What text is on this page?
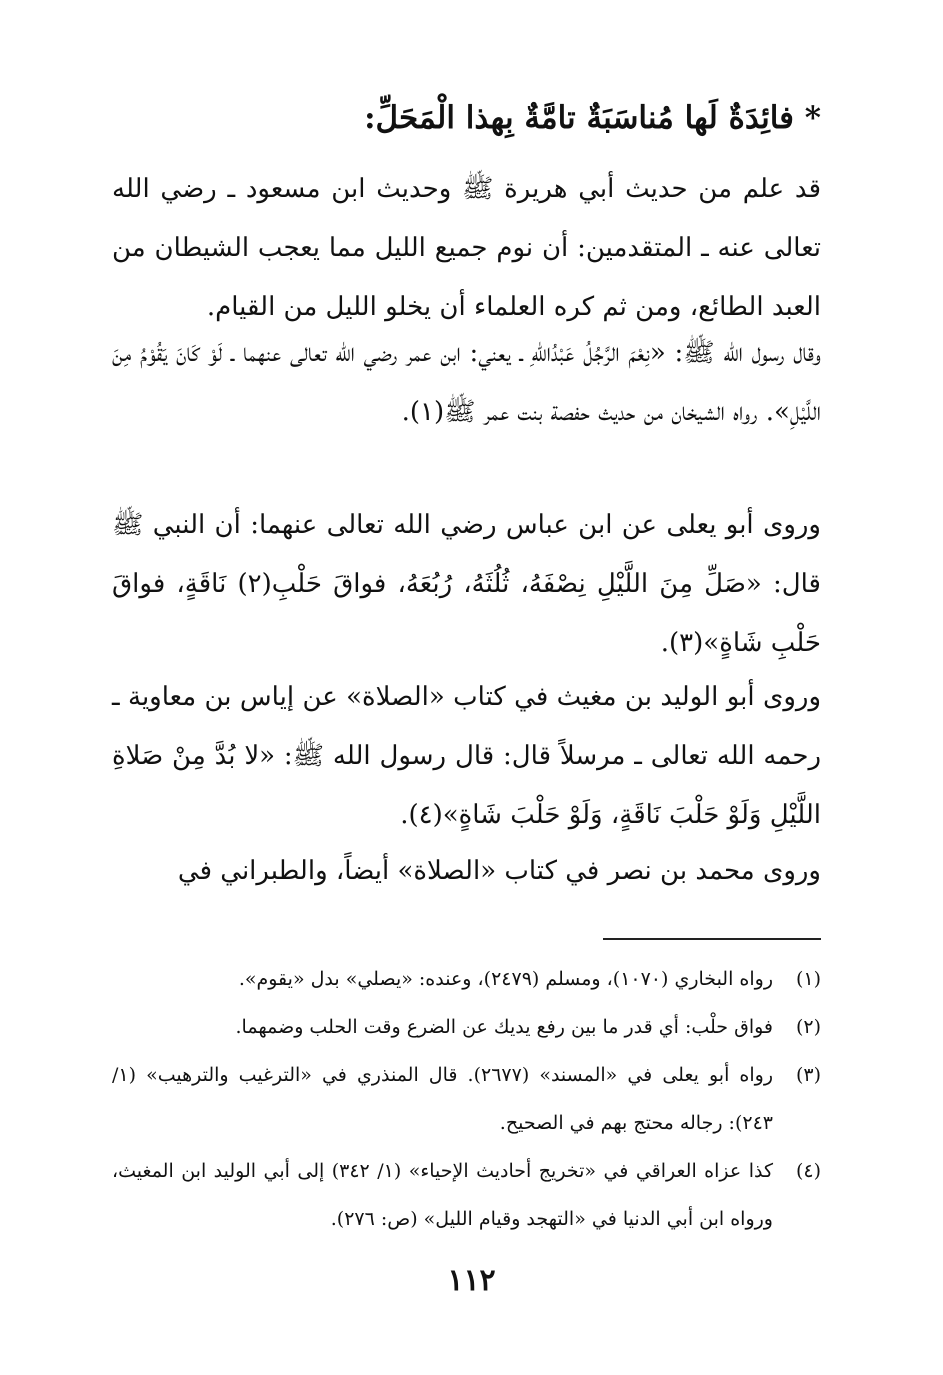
* فائِدَةٌ لَها مُناسَبَةٌ تامَّةٌ بِهذا الْمَحَلِّ:

قد علم من حديث أبي هريرة ﷺ وحديث ابن مسعود ـ رضي الله تعالى عنه ـ المتقدمين: أن نوم جميع الليل مما يعجب الشيطان من العبد الطائع، ومن ثم كره العلماء أن يخلو الليل من القيام.

وقال رسول الله ﷺ: «نِعْمَ الرَّجُلُ عَبْدُاللهِ ـ يعني: ابن عمر رضي الله تعالى عنهما ـ لَوْ كَانَ يَقُوْمُ مِنَ اللَّيْلِ». رواه الشيخان من حديث حفصة بنت عمر ﷺ(١).

وروى أبو يعلى عن ابن عباس رضي الله تعالى عنهما: أن النبي ﷺ قال: «صَلِّ مِنَ اللَّيْلِ نِصْفَهُ، ثُلُثَهُ، رُبُعَهُ، فواقَ حَلْبِ(٢) نَاقَةٍ، فواقَ حَلْبِ شَاةٍ»(٣).

وروى أبو الوليد بن مغيث في كتاب «الصلاة» عن إياس بن معاوية ـ رحمه الله تعالى ـ مرسلاً قال: قال رسول الله ﷺ: «لا بُدَّ مِنْ صَلاةِ اللَّيْلِ وَلَوْ حَلْبَ نَاقَةٍ، وَلَوْ حَلْبَ شَاةٍ»(٤).

وروى محمد بن نصر في كتاب «الصلاة» أيضاً، والطبراني في

(١)
رواه البخاري (١٠٧٠)، ومسلم (٢٤٧٩)، وعنده: «يصلي» بدل «يقوم».
(٢)
فواق حلْب: أي قدر ما بين رفع يديك عن الضرع وقت الحلب وضمهما.
(٣)
رواه أبو يعلى في «المسند» (٢٦٧٧). قال المنذري في «الترغيب والترهيب» (١/ ٢٤٣): رجاله محتج بهم في الصحيح.
(٤)
كذا عزاه العراقي في «تخريج أحاديث الإحياء» (١/ ٣٤٢) إلى أبي الوليد ابن المغيث، ورواه ابن أبي الدنيا في «التهجد وقيام الليل» (ص: ٢٧٦).
١١٢
